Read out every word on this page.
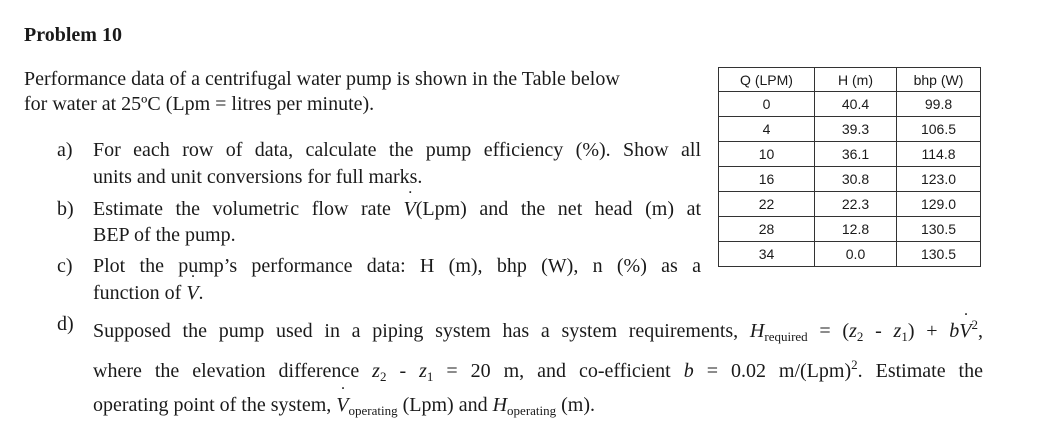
Problem 10
Performance data of a centrifugal water pump is shown in the Table below
for water at 25ºC (Lpm = litres per minute).
a) For each row of data, calculate the pump efficiency (%). Show all
units and unit conversions for full marks.
b) Estimate the volumetric flow rate V ˙(Lpm) and the net head (m) at
BEP of the pump.
c) Plot the pump’s performance data: H (m), bhp (W), n (%) as a
function of V ˙.
d) Supposed the pump used in a piping system has a system requirements, $H_{required} = (z_2 - z_1)$ + bV ˙$^2$,
where the elevation difference $z_2 - z_1 = 20$ m, and co-efficient b = 0.02 m/(Lpm)$^2$. Estimate the
operating point of the system, V $˙_{operating}$ (Lpm) and $H_{operating}$ (m).
Q (LPM)	H (m)	bhp (W)
0	40.4	99.8
4	39.3	106.5
10	36.1	114.8
16	30.8	123.0
22	22.3	129.0
28	12.8	130.5
34	0.0	130.5
